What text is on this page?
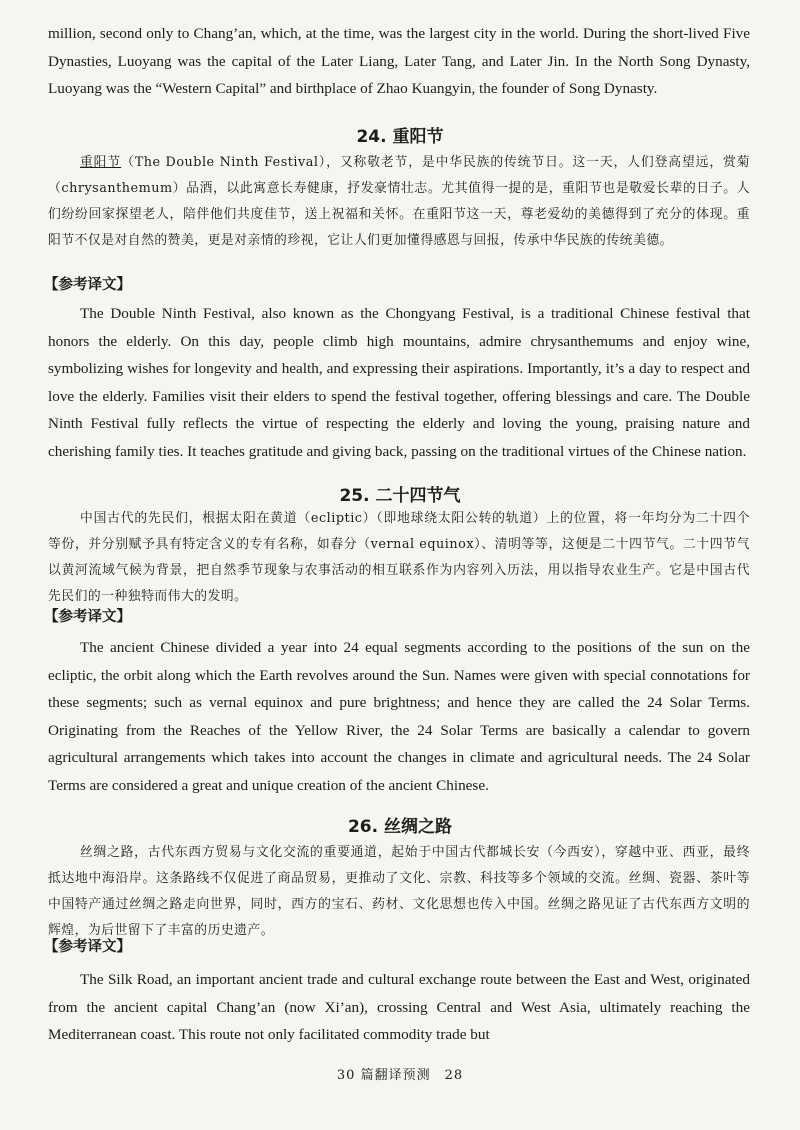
million, second only to Chang’an, which, at the time, was the largest city in the world. During the short-lived Five Dynasties, Luoyang was the capital of the Later Liang, Later Tang, and Later Jin. In the North Song Dynasty, Luoyang was the “Western Capital” and birthplace of Zhao Kuangyin, the founder of Song Dynasty.

24. 重阳节

重阳节（The Double Ninth Festival），又称敬老节，是中华民族的传统节日。这一天，人们登高望远，赏菊（chrysanthemum）品酒，以此寓意长寿健康，抒发豪情壮志。尤其值得一提的是，重阳节也是敬爱长辈的日子。人们纷纷回家探望老人，陪伴他们共度佳节，送上祝福和关怀。在重阳节这一天，尊老爱幼的美德得到了充分的体现。重阳节不仅是对自然的赞美，更是对亲情的珍视，它让人们更加懂得感恩与回报，传承中华民族的传统美德。

【参考译文】

The Double Ninth Festival, also known as the Chongyang Festival, is a traditional Chinese festival that honors the elderly. On this day, people climb high mountains, admire chrysanthemums and enjoy wine, symbolizing wishes for longevity and health, and expressing their aspirations. Importantly, it’s a day to respect and love the elderly. Families visit their elders to spend the festival together, offering blessings and care. The Double Ninth Festival fully reflects the virtue of respecting the elderly and loving the young, praising nature and cherishing family ties. It teaches gratitude and giving back, passing on the traditional virtues of the Chinese nation.

25. 二十四节气

中国古代的先民们，根据太阳在黄道（ecliptic）（即地球绕太阳公转的轨道）上的位置，将一年均分为二十四个等份，并分别赋予具有特定含义的专有名称，如春分（vernal equinox）、清明等等，这便是二十四节气。二十四节气以黄河流域气候为背景，把自然季节现象与农事活动的相互联系作为内容列入历法，用以指导农业生产。它是中国古代先民们的一种独特而伟大的发明。

【参考译文】

The ancient Chinese divided a year into 24 equal segments according to the positions of the sun on the ecliptic, the orbit along which the Earth revolves around the Sun. Names were given with special connotations for these segments; such as vernal equinox and pure brightness; and hence they are called the 24 Solar Terms. Originating from the Reaches of the Yellow River, the 24 Solar Terms are basically a calendar to govern agricultural arrangements which takes into account the changes in climate and agricultural needs. The 24 Solar Terms are considered a great and unique creation of the ancient Chinese.

26. 丝绸之路

丝绸之路，古代东西方贸易与文化交流的重要通道，起始于中国古代都城长安（今西安），穿越中亚、西亚，最终抵达地中海沿岸。这条路线不仅促进了商品贸易，更推动了文化、宗教、科技等多个领域的交流。丝绸、瓷器、茶叶等中国特产通过丝绸之路走向世界，同时，西方的宝石、药材、文化思想也传入中国。丝绸之路见证了古代东西方文明的辉煌，为后世留下了丰富的历史遗产。

【参考译文】

The Silk Road, an important ancient trade and cultural exchange route between the East and West, originated from the ancient capital Chang’an (now Xi’an), crossing Central and West Asia, ultimately reaching the Mediterranean coast. This route not only facilitated commodity trade but

30 篇翻译预测　28
